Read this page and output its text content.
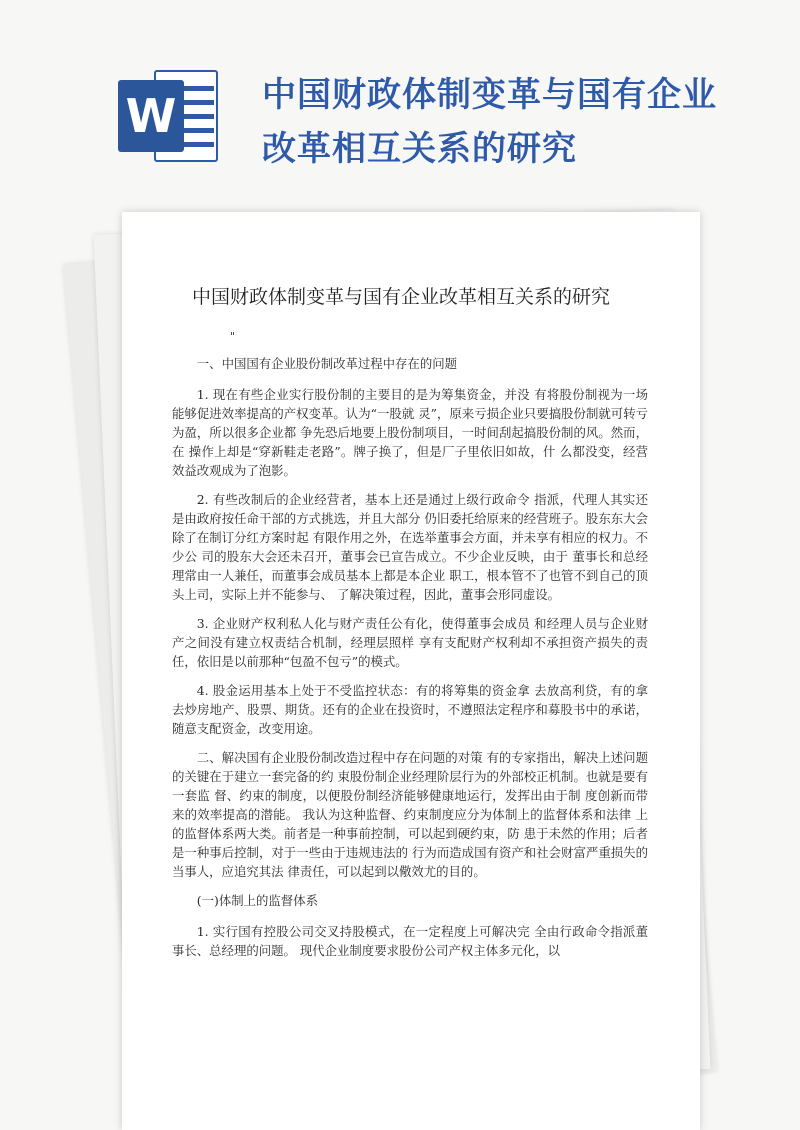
W	中国财政体制变革与国有企业
改革相互关系的研究
中国财政体制变革与国有企业改革相互关系的研究
"

一、中国国有企业股份制改革过程中存在的问题

1. 现在有些企业实行股份制的主要目的是为筹集资金，并没 有将股份制视为一场能够促进效率提高的产权变革。认为“一股就 灵”，原来亏损企业只要搞股份制就可转亏为盈，所以很多企业都 争先恐后地要上股份制项目，一时间刮起搞股份制的风。然而，在 操作上却是“穿新鞋走老路”。牌子换了，但是厂子里依旧如故，什 么都没变，经营效益改观成为了泡影。

2. 有些改制后的企业经营者，基本上还是通过上级行政命令 指派，代理人其实还是由政府按任命干部的方式挑选，并且大部分 仍旧委托给原来的经营班子。股东东大会除了在制订分红方案时起 有限作用之外，在选举董事会方面，并未享有相应的权力。不少公 司的股东大会还未召开，董事会已宣告成立。不少企业反映，由于 董事长和总经理常由一人兼任，而董事会成员基本上都是本企业 职工，根本管不了也管不到自己的顶头上司，实际上并不能参与、 了解决策过程，因此，董事会形同虚设。

3. 企业财产权利私人化与财产责任公有化，使得董事会成员 和经理人员与企业财产之间没有建立权责结合机制，经理层照样 享有支配财产权利却不承担资产损失的责任，依旧是以前那种“包盈不包亏”的模式。

4. 股金运用基本上处于不受监控状态：有的将筹集的资金拿 去放高利贷，有的拿去炒房地产、股票、期货。还有的企业在投资时，不遵照法定程序和募股书中的承诺，随意支配资金，改变用途。

二、解决国有企业股份制改造过程中存在问题的对策 有的专家指出，解决上述问题的关键在于建立一套完备的约 束股份制企业经理阶层行为的外部校正机制。也就是要有一套监 督、约束的制度，以便股份制经济能够健康地运行，发挥出由于制 度创新而带来的效率提高的潜能。 我认为这种监督、约束制度应分为体制上的监督体系和法律 上的监督体系两大类。前者是一种事前控制，可以起到硬约束，防 患于未然的作用；后者是一种事后控制，对于一些由于违规违法的 行为而造成国有资产和社会财富严重损失的当事人，应追究其法 律责任，可以起到以儆效尤的目的。

(一)体制上的监督体系

1. 实行国有控股公司交叉持股模式，在一定程度上可解决完 全由行政命令指派董事长、总经理的问题。 现代企业制度要求股份公司产权主体多元化，以
